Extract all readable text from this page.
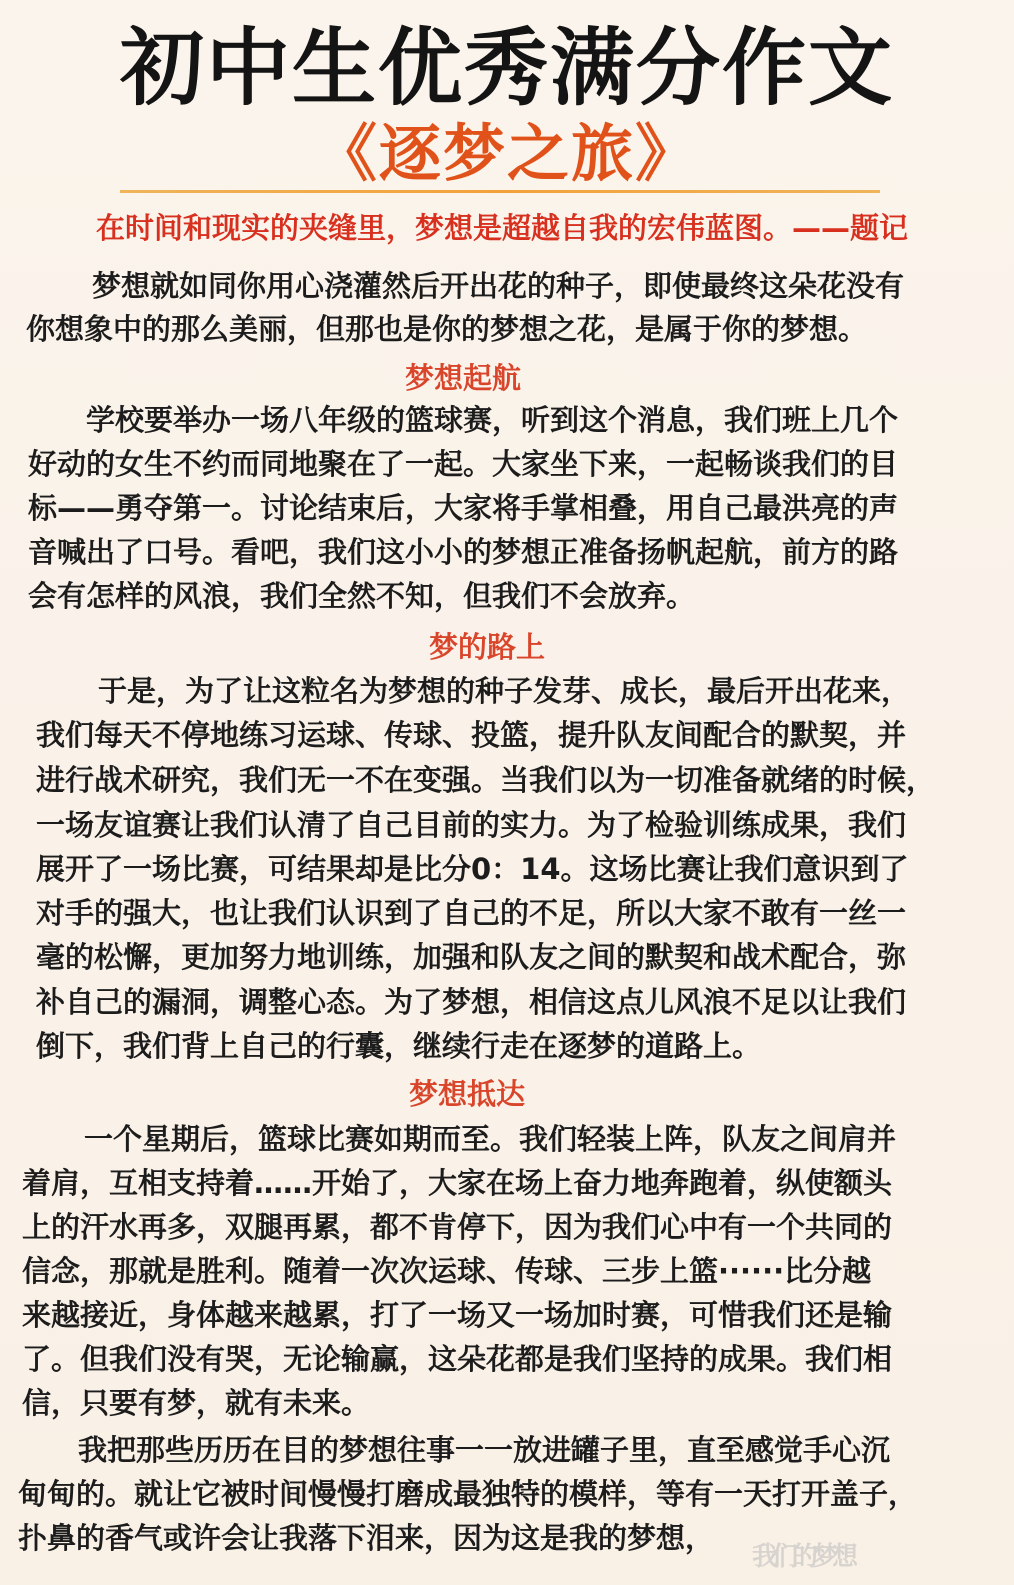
初中生优秀满分作文
《逐梦之旅》
在时间和现实的夹缝里，梦想是超越自我的宏伟蓝图。——题记
梦想就如同你用心浇灌然后开出花的种子，即使最终这朵花没有
你想象中的那么美丽，但那也是你的梦想之花，是属于你的梦想。
梦想起航
学校要举办一场八年级的篮球赛，听到这个消息，我们班上几个
好动的女生不约而同地聚在了一起。大家坐下来，一起畅谈我们的目
标——勇夺第一。讨论结束后，大家将手掌相叠，用自己最洪亮的声
音喊出了口号。看吧，我们这小小的梦想正准备扬帆起航，前方的路
会有怎样的风浪，我们全然不知，但我们不会放弃。
梦的路上
于是，为了让这粒名为梦想的种子发芽、成长，最后开出花来，
我们每天不停地练习运球、传球、投篮，提升队友间配合的默契，并
进行战术研究，我们无一不在变强。当我们以为一切准备就绪的时候，
一场友谊赛让我们认清了自己目前的实力。为了检验训练成果，我们
展开了一场比赛，可结果却是比分0：14。这场比赛让我们意识到了
对手的强大，也让我们认识到了自己的不足，所以大家不敢有一丝一
毫的松懈，更加努力地训练，加强和队友之间的默契和战术配合，弥
补自己的漏洞，调整心态。为了梦想，相信这点儿风浪不足以让我们
倒下，我们背上自己的行囊，继续行走在逐梦的道路上。
梦想抵达
一个星期后，篮球比赛如期而至。我们轻装上阵，队友之间肩并
着肩，互相支持着……开始了，大家在场上奋力地奔跑着，纵使额头
上的汗水再多，双腿再累，都不肯停下，因为我们心中有一个共同的
信念，那就是胜利。随着一次次运球、传球、三步上篮······比分越
来越接近，身体越来越累，打了一场又一场加时赛，可惜我们还是输
了。但我们没有哭，无论输赢，这朵花都是我们坚持的成果。我们相
信，只要有梦，就有未来。
我把那些历历在目的梦想往事一一放进罐子里，直至感觉手心沉
甸甸的。就让它被时间慢慢打磨成最独特的模样，等有一天打开盖子，
扑鼻的香气或许会让我落下泪来，因为这是我的梦想，
我们的梦想
